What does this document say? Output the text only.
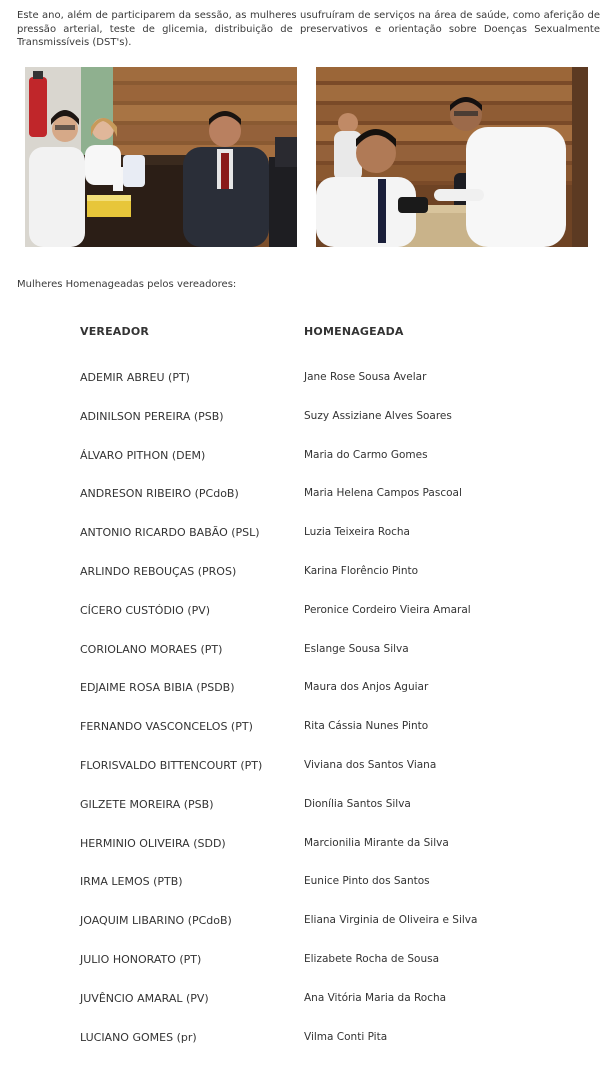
Este ano, além de participarem da sessão, as mulheres usufruíram de serviços na área de saúde, como aferição de pressão arterial, teste de glicemia, distribuição de preservativos e orientação sobre Doenças Sexualmente Transmissíveis (DST's).
Mulheres Homenageadas pelos vereadores:
VEREADOR	HOMENAGEADA
ADEMIR ABREU (PT)	Jane Rose Sousa Avelar
ADINILSON PEREIRA (PSB)	Suzy Assiziane Alves Soares
ÁLVARO PITHON (DEM)	Maria do Carmo Gomes
ANDRESON RIBEIRO (PCdoB)	Maria Helena Campos Pascoal
ANTONIO RICARDO BABÃO (PSL)	Luzia Teixeira Rocha
ARLINDO REBOUÇAS (PROS)	Karina Florêncio Pinto
CÍCERO CUSTÓDIO (PV)	Peronice Cordeiro Vieira Amaral
CORIOLANO MORAES (PT)	Eslange Sousa Silva
EDJAIME ROSA BIBIA (PSDB)	Maura dos Anjos Aguiar
FERNANDO VASCONCELOS (PT)	Rita Cássia Nunes Pinto
FLORISVALDO BITTENCOURT (PT)	Viviana dos Santos Viana
GILZETE MOREIRA (PSB)	Dionília Santos Silva
HERMINIO OLIVEIRA (SDD)	Marcionilia Mirante da Silva
IRMA LEMOS (PTB)	Eunice Pinto dos Santos
JOAQUIM LIBARINO (PCdoB)	Eliana Virginia de Oliveira e Silva
JULIO HONORATO (PT)	Elizabete Rocha de Sousa
JUVÊNCIO AMARAL (PV)	Ana Vitória Maria da Rocha
LUCIANO GOMES (pr)	Vilma Conti Pita
